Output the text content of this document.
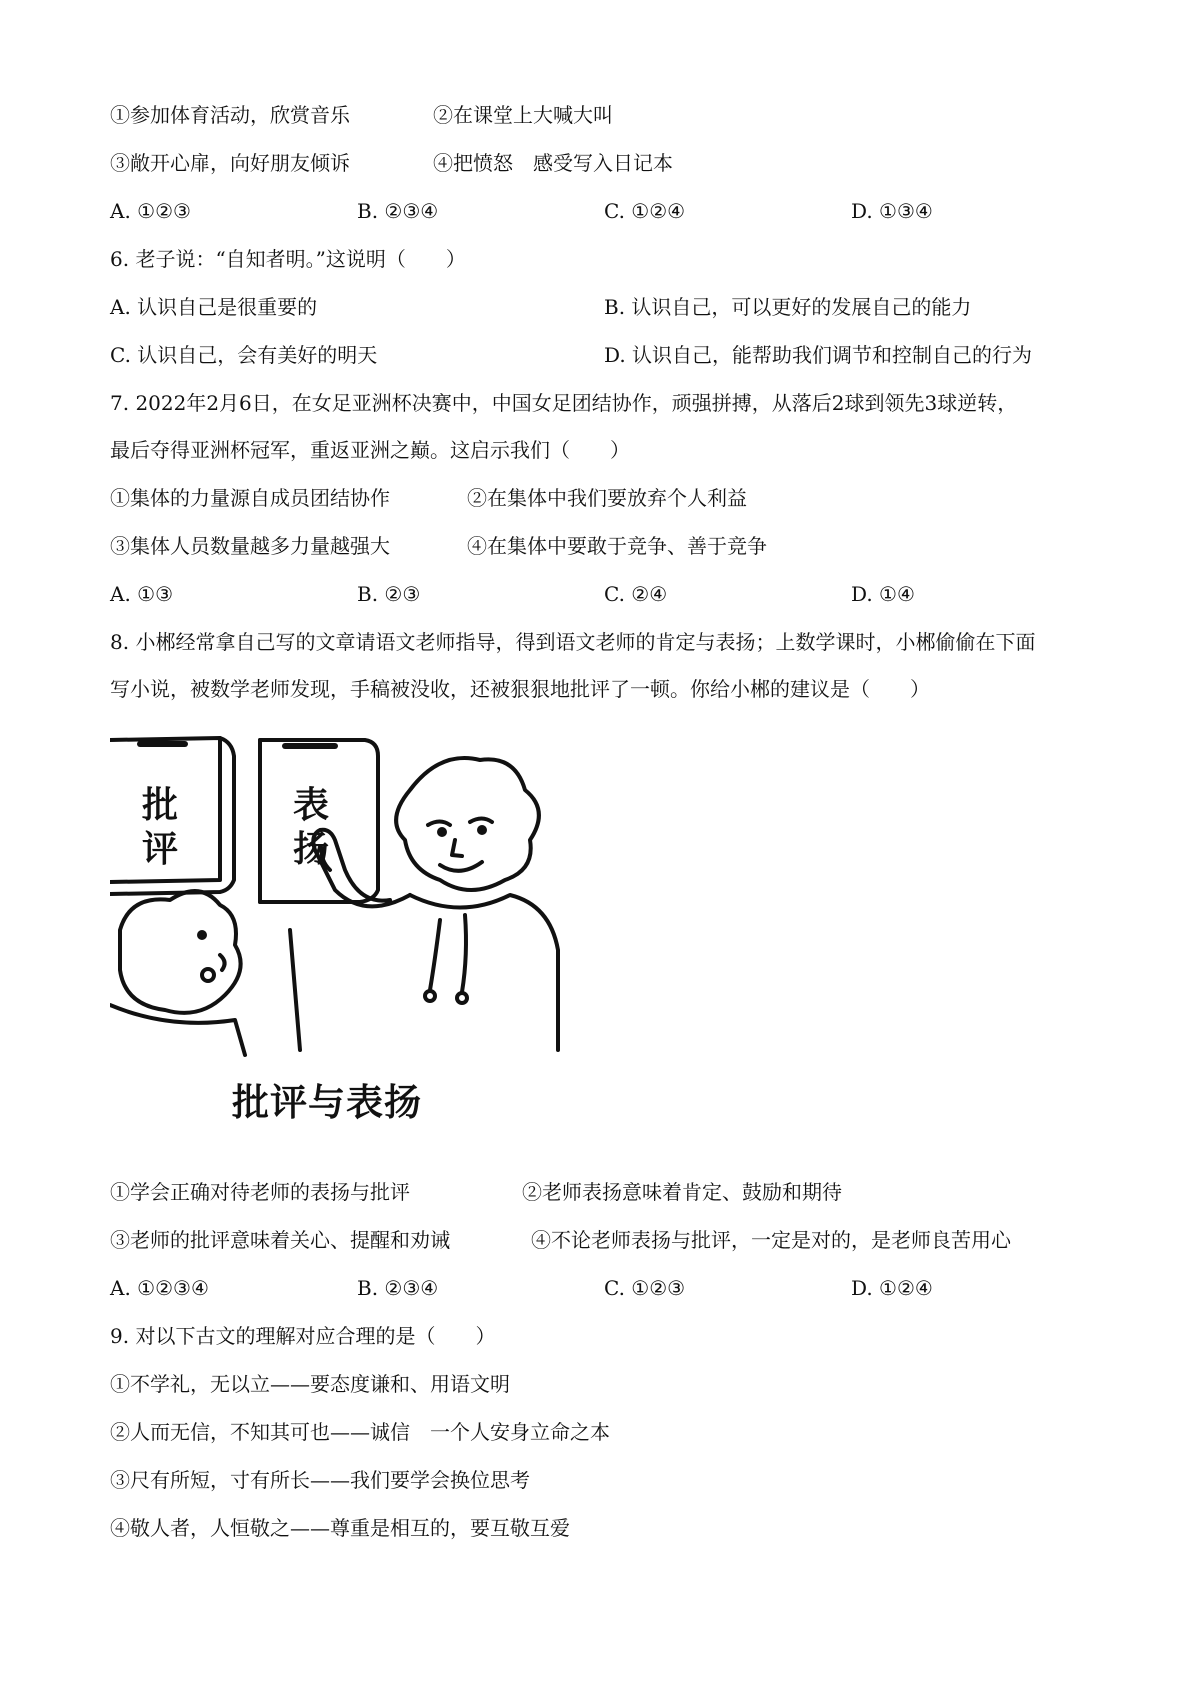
①参加体育活动，欣赏音乐	②在课堂上大喊大叫
③敞开心扉，向好朋友倾诉	④把愤怒　感受写入日记本
A. ①②③	B. ②③④	C. ①②④	D. ①③④
6. 老子说：“自知者明。”这说明（　　）
A. 认识自己是很重要的	B. 认识自己，可以更好的发展自己的能力
C. 认识自己，会有美好的明天	D. 认识自己，能帮助我们调节和控制自己的行为
7. 2022年2月6日，在女足亚洲杯决赛中，中国女足团结协作，顽强拼搏，从落后2球到领先3球逆转，
最后夺得亚洲杯冠军，重返亚洲之巅。这启示我们（　　）
①集体的力量源自成员团结协作	②在集体中我们要放弃个人利益
③集体人员数量越多力量越强大	④在集体中要敢于竞争、善于竞争
A. ①③	B. ②③	C. ②④	D. ①④
8. 小郴经常拿自己写的文章请语文老师指导，得到语文老师的肯定与表扬；上数学课时，小郴偷偷在下面
写小说，被数学老师发现，手稿被没收，还被狠狠地批评了一顿。你给小郴的建议是（　　）
批
评
表
扬
批评与表扬
①学会正确对待老师的表扬与批评	②老师表扬意味着肯定、鼓励和期待
③老师的批评意味着关心、提醒和劝诫	④不论老师表扬与批评，一定是对的，是老师良苦用心
A. ①②③④	B. ②③④	C. ①②③	D. ①②④
9. 对以下古文的理解对应合理的是（　　）
①不学礼，无以立——要态度谦和、用语文明
②人而无信，不知其可也——诚信　一个人安身立命之本
③尺有所短，寸有所长——我们要学会换位思考
④敬人者，人恒敬之——尊重是相互的，要互敬互爱
